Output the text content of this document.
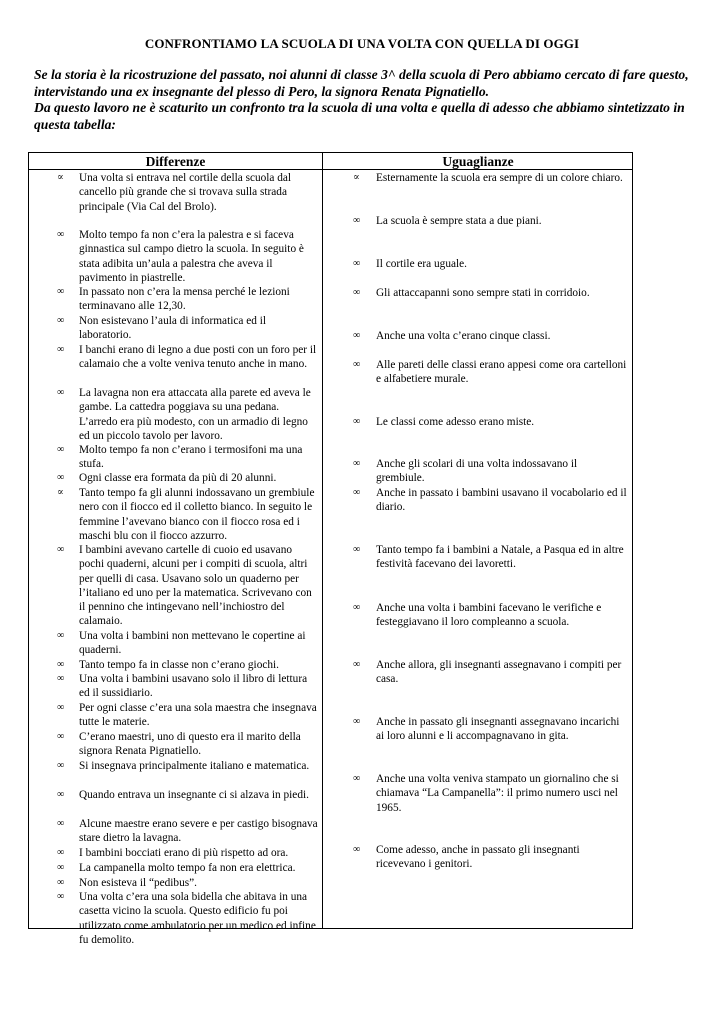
CONFRONTIAMO LA SCUOLA DI UNA VOLTA CON QUELLA DI OGGI

Se la storia è la ricostruzione del passato, noi alunni di classe 3^ della scuola di Pero abbiamo cercato di fare questo, intervistando una ex insegnante del plesso di Pero, la signora Renata Pignatiello.

Da questo lavoro ne è scaturito un confronto tra la scuola di una volta e quella di adesso che abbiamo sintetizzato in questa tabella:

Differenze	Uguaglianze
∝ Una volta si entrava nel cortile della scuola dal cancello più grande che si trovava sulla strada principale (Via Cal del Brolo).
∞ Molto tempo fa non c’era la palestra e si faceva ginnastica sul campo dietro la scuola. In seguito è stata adibita un’aula a palestra che aveva il pavimento in piastrelle.
∞ In passato non c’era la mensa perché le lezioni terminavano alle 12,30.
∞ Non esistevano l’aula di informatica ed il laboratorio.
∞ I banchi erano di legno a due posti con un foro per il calamaio che a volte veniva tenuto anche in mano.
∞ La lavagna non era attaccata alla parete ed aveva le gambe. La cattedra poggiava su una pedana. L’arredo era più modesto, con un armadio di legno ed un piccolo tavolo per lavoro.
∞ Molto tempo fa non c’erano i termosifoni ma una stufa.
∞ Ogni classe era formata da più di 20 alunni.
∝ Tanto tempo fa gli alunni indossavano un grembiule nero con il fiocco ed il colletto bianco. In seguito le femmine l’avevano bianco con il fiocco rosa ed i maschi blu con il fiocco azzurro.
∞ I bambini avevano cartelle di cuoio ed usavano pochi quaderni, alcuni per i compiti di scuola, altri per quelli di casa. Usavano solo un quaderno per l’italiano ed uno per la matematica. Scrivevano con il pennino che intingevano nell’inchiostro del calamaio.
∞ Una volta i bambini non mettevano le copertine ai quaderni.
∞ Tanto tempo fa in classe non c’erano giochi.
∞ Una volta i bambini usavano solo il libro di lettura ed il sussidiario.
∞ Per ogni classe c’era una sola maestra che insegnava tutte le materie.
∞ C’erano maestri, uno di questo era il marito della signora Renata Pignatiello.
∞ Si insegnava principalmente italiano e matematica.
∞ Quando entrava un insegnante ci si alzava in piedi.
∞ Alcune maestre erano severe e per castigo bisognava stare dietro la lavagna.
∞ I bambini bocciati erano di più rispetto ad ora.
∞ La campanella molto tempo fa non era elettrica.
∞ Non esisteva il “pedibus”.
∞ Una volta c’era una sola bidella che abitava in una casetta vicino la scuola. Questo edificio fu poi utilizzato come ambulatorio per un medico ed infine fu demolito.
∝ Esternamente la scuola era sempre di un colore chiaro.
∞ La scuola è sempre stata a due piani.
∞ Il cortile era uguale.
∞ Gli attaccapanni sono sempre stati in corridoio.
∞ Anche una volta c’erano cinque classi.
∞ Alle pareti delle classi erano appesi come ora cartelloni e alfabetiere murale.
∞ Le classi come adesso erano miste.
∞ Anche gli scolari di una volta indossavano il grembiule.
∞ Anche in passato i bambini usavano il vocabolario ed il diario.
∞ Tanto tempo fa i bambini a Natale, a Pasqua ed in altre festività facevano dei lavoretti.
∞ Anche una volta i bambini facevano le verifiche e festeggiavano il loro compleanno a scuola.
∞ Anche allora, gli insegnanti assegnavano i compiti per casa.
∞ Anche in passato gli insegnanti assegnavano incarichi ai loro alunni e li accompagnavano in gita.
∞ Anche una volta veniva stampato un giornalino che si chiamava “La Campanella”: il primo numero usci nel 1965.
∞ Come adesso, anche in passato gli insegnanti ricevevano i genitori.
